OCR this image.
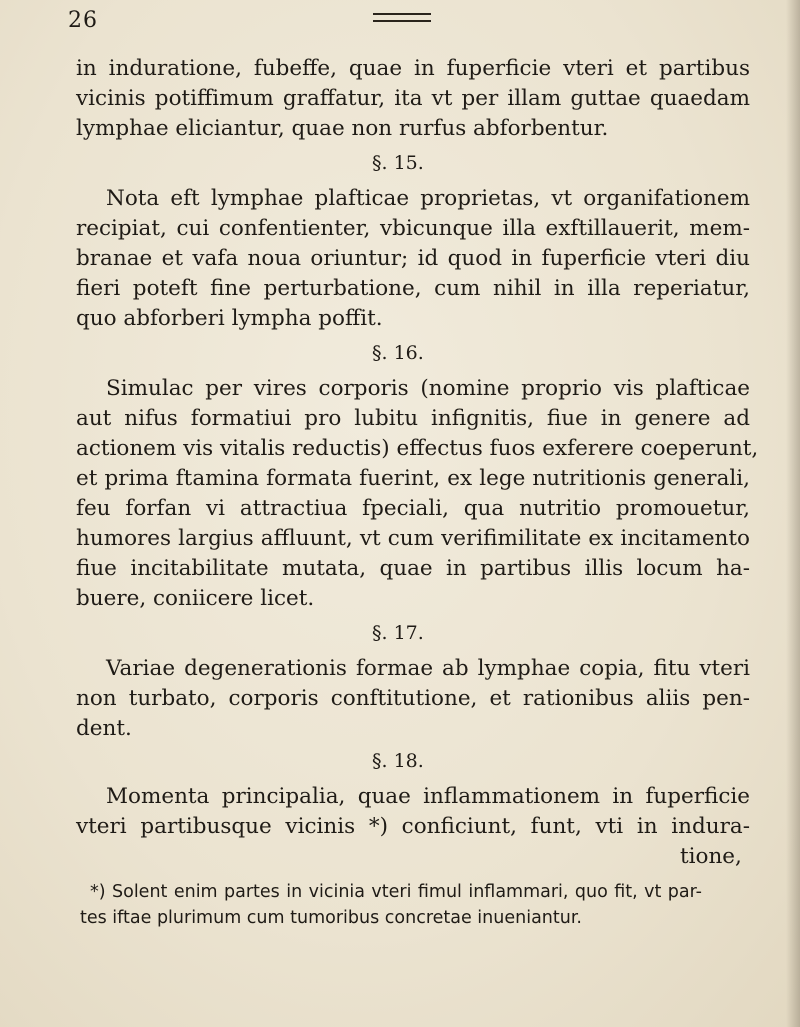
26
in induratione, fubeffe, quae in fuperficie vteri et partibus
vicinis potiffimum graffatur, ita vt per illam guttae quaedam
lymphae eliciantur, quae non rurfus abforbentur.
§. 15.
Nota eft lymphae plafticae proprietas, vt organifationem
recipiat, cui confentienter, vbicunque illa exftillauerit, mem-
branae et vafa noua oriuntur; id quod in fuperficie vteri diu
fieri poteft fine perturbatione, cum nihil in illa reperiatur,
quo abforberi lympha poffit.
§. 16.
Simulac per vires corporis (nomine proprio vis plafticae
aut nifus formatiui pro lubitu infignitis, fiue in genere ad
actionem vis vitalis reductis) effectus fuos exferere coeperunt,
et prima ftamina formata fuerint, ex lege nutritionis generali,
feu forfan vi attractiua fpeciali, qua nutritio promouetur,
humores largius affluunt, vt cum verifimilitate ex incitamento
fiue incitabilitate mutata, quae in partibus illis locum ha-
buere, coniicere licet.
§. 17.
Variae degenerationis formae ab lymphae copia, fitu vteri
non turbato, corporis conftitutione, et rationibus aliis pen-
dent.
§. 18.
Momenta principalia, quae inflammationem in fuperficie
vteri partibusque vicinis *) conficiunt, funt, vti in indura-
tione,
*) Solent enim partes in vicinia vteri fimul inflammari, quo fit, vt par-
tes iftae plurimum cum tumoribus concretae inueniantur.
